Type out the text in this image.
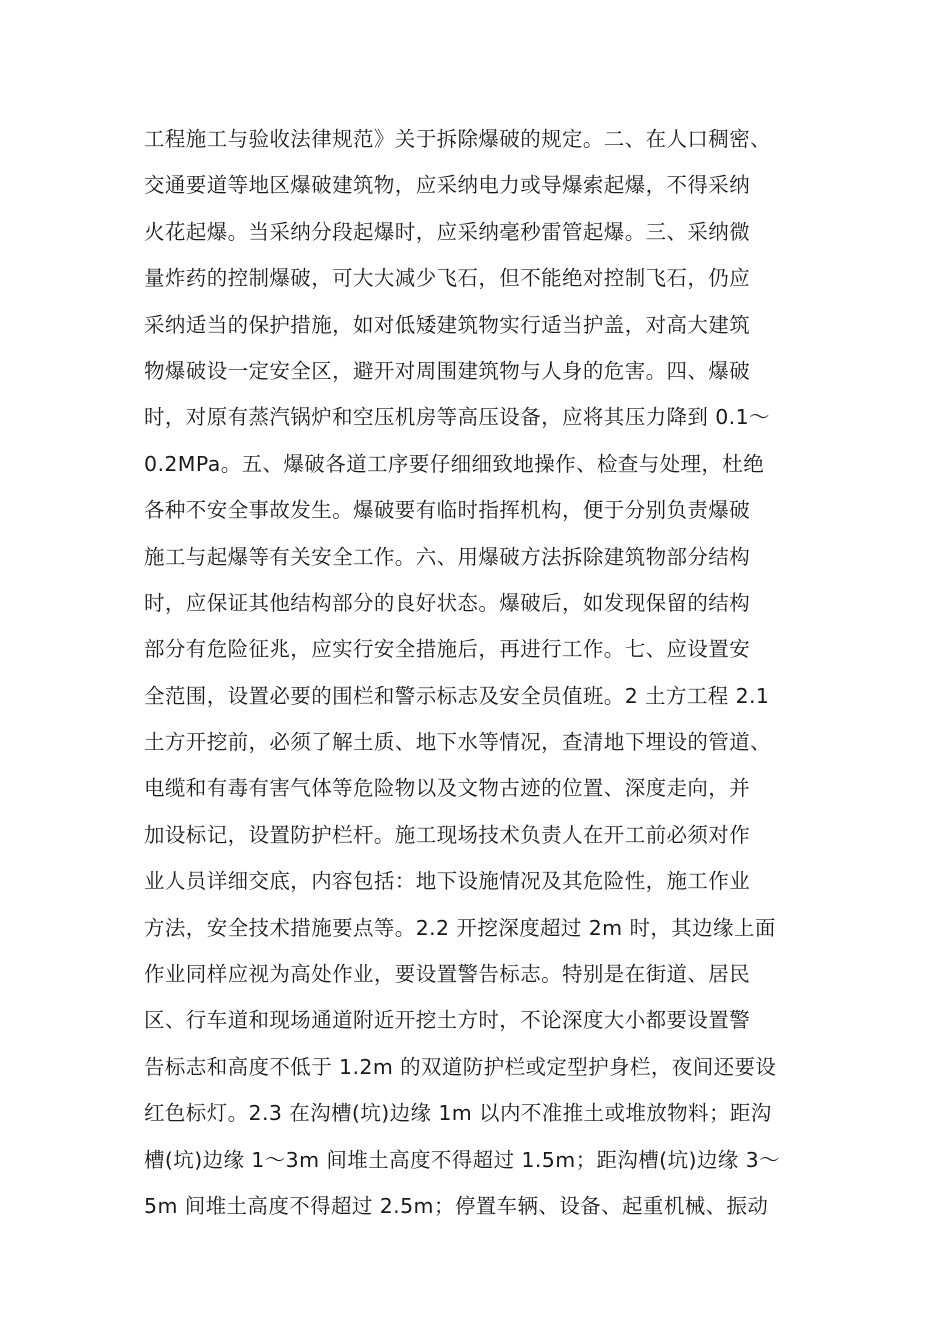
工程施工与验收法律规范》关于拆除爆破的规定。二、在人口稠密、
交通要道等地区爆破建筑物，应采纳电力或导爆索起爆，不得采纳
火花起爆。当采纳分段起爆时，应采纳毫秒雷管起爆。三、采纳微
量炸药的控制爆破，可大大减少飞石，但不能绝对控制飞石，仍应
采纳适当的保护措施，如对低矮建筑物实行适当护盖，对高大建筑
物爆破设一定安全区，避开对周围建筑物与人身的危害。四、爆破
时，对原有蒸汽锅炉和空压机房等高压设备，应将其压力降到 0.1～
0.2MPa。五、爆破各道工序要仔细细致地操作、检查与处理，杜绝
各种不安全事故发生。爆破要有临时指挥机构，便于分别负责爆破
施工与起爆等有关安全工作。六、用爆破方法拆除建筑物部分结构
时，应保证其他结构部分的良好状态。爆破后，如发现保留的结构
部分有危险征兆，应实行安全措施后，再进行工作。七、应设置安
全范围，设置必要的围栏和警示标志及安全员值班。2 土方工程 2.1
土方开挖前，必须了解土质、地下水等情况，查清地下埋设的管道、
电缆和有毒有害气体等危险物以及文物古迹的位置、深度走向，并
加设标记，设置防护栏杆。施工现场技术负责人在开工前必须对作
业人员详细交底，内容包括：地下设施情况及其危险性，施工作业
方法，安全技术措施要点等。2.2 开挖深度超过 2m 时，其边缘上面
作业同样应视为高处作业，要设置警告标志。特别是在街道、居民
区、行车道和现场通道附近开挖土方时，不论深度大小都要设置警
告标志和高度不低于 1.2m 的双道防护栏或定型护身栏，夜间还要设
红色标灯。2.3 在沟槽(坑)边缘 1m 以内不准推土或堆放物料；距沟
槽(坑)边缘 1～3m 间堆土高度不得超过 1.5m；距沟槽(坑)边缘 3～
5m 间堆土高度不得超过 2.5m；停置车辆、设备、起重机械、振动
